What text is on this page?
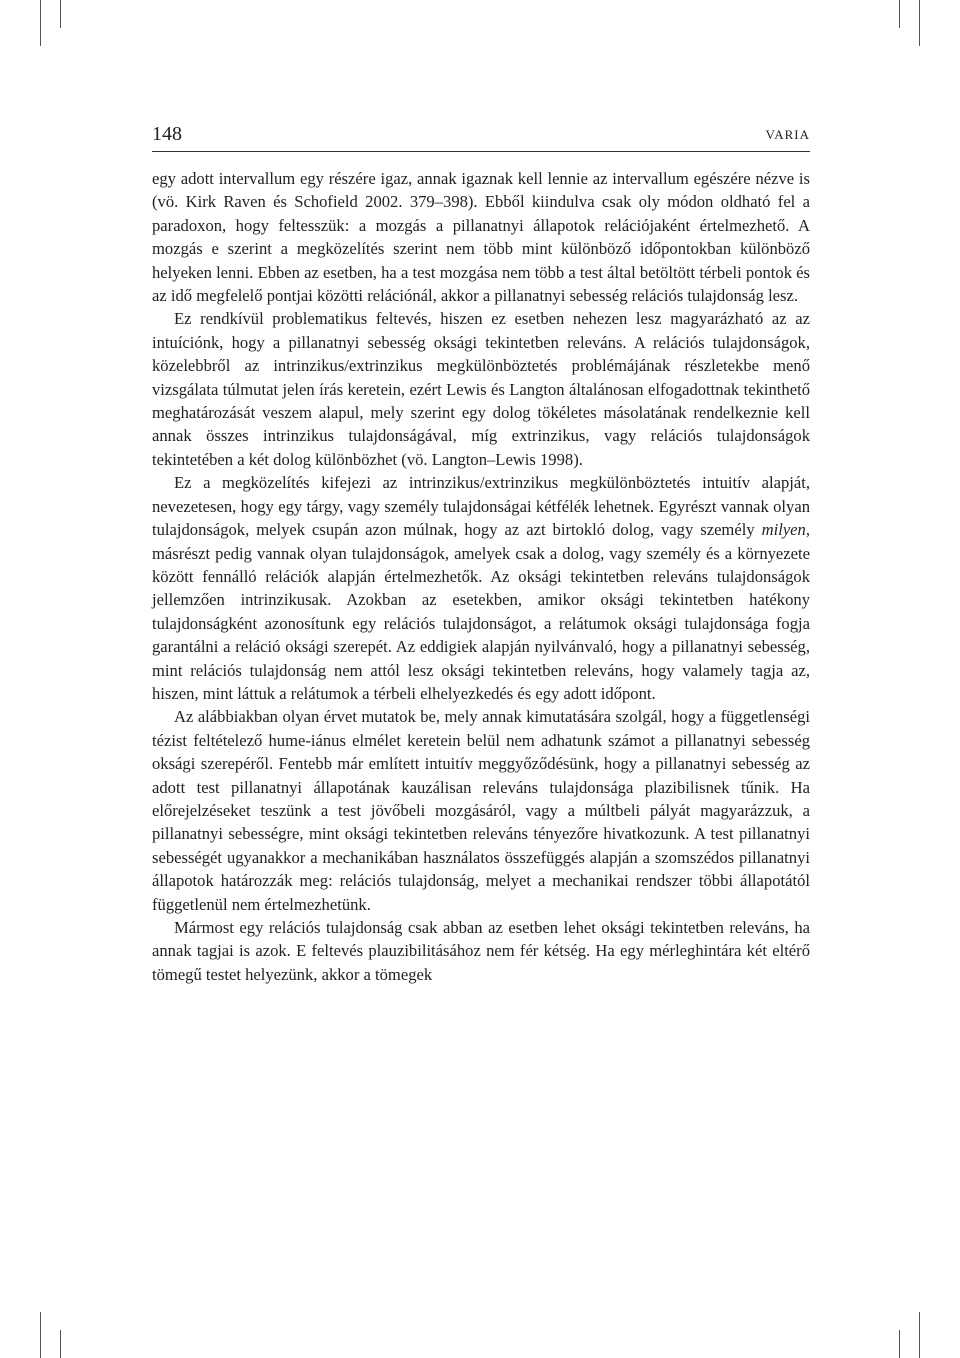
148	VARIA

egy adott intervallum egy részére igaz, annak igaznak kell lennie az intervallum egészére nézve is (vö. Kirk Raven és Schofield 2002. 379–398). Ebből kiindulva csak oly módon oldható fel a paradoxon, hogy feltesszük: a mozgás a pillanatnyi állapotok relációjaként értelmezhető. A mozgás e szerint a megközelítés szerint nem több mint különböző időpontokban különböző helyeken lenni. Ebben az esetben, ha a test mozgása nem több a test által betöltött térbeli pontok és az idő megfelelő pontjai közötti relációnál, akkor a pillanatnyi sebesség relációs tulajdonság lesz.

Ez rendkívül problematikus feltevés, hiszen ez esetben nehezen lesz magyarázható az az intuíciónk, hogy a pillanatnyi sebesség oksági tekintetben releváns. A relációs tulajdonságok, közelebbről az intrinzikus/extrinzikus megkülönböztetés problémájának részletekbe menő vizsgálata túlmutat jelen írás keretein, ezért Lewis és Langton általánosan elfogadottnak tekinthető meghatározását veszem alapul, mely szerint egy dolog tökéletes másolatának rendelkeznie kell annak összes intrinzikus tulajdonságával, míg extrinzikus, vagy relációs tulajdonságok tekintetében a két dolog különbözhet (vö. Langton–Lewis 1998).

Ez a megközelítés kifejezi az intrinzikus/extrinzikus megkülönböztetés intuitív alapját, nevezetesen, hogy egy tárgy, vagy személy tulajdonságai kétfélék lehetnek. Egyrészt vannak olyan tulajdonságok, melyek csupán azon múlnak, hogy az azt birtokló dolog, vagy személy milyen, másrészt pedig vannak olyan tulajdonságok, amelyek csak a dolog, vagy személy és a környezete között fennálló relációk alapján értelmezhetők. Az oksági tekintetben releváns tulajdonságok jellemzően intrinzikusak. Azokban az esetekben, amikor oksági tekintetben hatékony tulajdonságként azonosítunk egy relációs tulajdonságot, a relátumok oksági tulajdonsága fogja garantálni a reláció oksági szerepét. Az eddigiek alapján nyilvánvaló, hogy a pillanatnyi sebesség, mint relációs tulajdonság nem attól lesz oksági tekintetben releváns, hogy valamely tagja az, hiszen, mint láttuk a relátumok a térbeli elhelyezkedés és egy adott időpont.

Az alábbiakban olyan érvet mutatok be, mely annak kimutatására szolgál, hogy a függetlenségi tézist feltételező hume-iánus elmélet keretein belül nem adhatunk számot a pillanatnyi sebesség oksági szerepéről. Fentebb már említett intuitív meggyőződésünk, hogy a pillanatnyi sebesség az adott test pillanatnyi állapotának kauzálisan releváns tulajdonsága plazibilisnek tűnik. Ha előrejelzéseket teszünk a test jövőbeli mozgásáról, vagy a múltbeli pályát magyarázzuk, a pillanatnyi sebességre, mint oksági tekintetben releváns tényezőre hivatkozunk. A test pillanatnyi sebességét ugyanakkor a mechanikában használatos összefüggés alapján a szomszédos pillanatnyi állapotok határozzák meg: relációs tulajdonság, melyet a mechanikai rendszer többi állapotától függetlenül nem értelmezhetünk.

Mármost egy relációs tulajdonság csak abban az esetben lehet oksági tekintetben releváns, ha annak tagjai is azok. E feltevés plauzibilitásához nem fér kétség. Ha egy mérleghintára két eltérő tömegű testet helyezünk, akkor a tömegek
